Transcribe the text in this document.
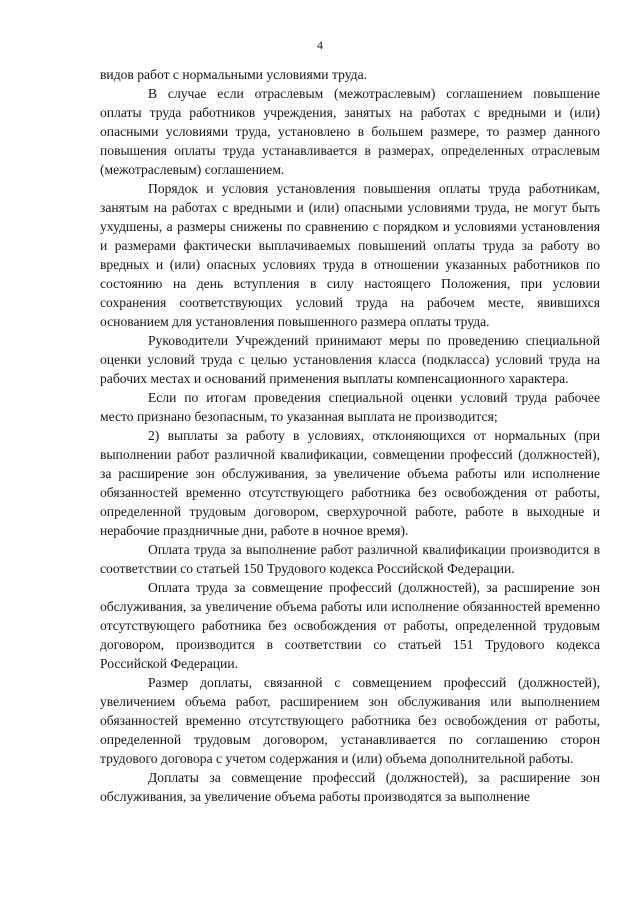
4

видов работ с нормальными условиями труда.

В случае если отраслевым (межотраслевым) соглашением повышение оплаты труда работников учреждения, занятых на работах с вредными и (или) опасными условиями труда, установлено в большем размере, то размер данного повышения оплаты труда устанавливается в размерах, определенных отраслевым (межотраслевым) соглашением.

Порядок и условия установления повышения оплаты труда работникам, занятым на работах с вредными и (или) опасными условиями труда, не могут быть ухудшены, а размеры снижены по сравнению с порядком и условиями установления и размерами фактически выплачиваемых повышений оплаты труда за работу во вредных и (или) опасных условиях труда в отношении указанных работников по состоянию на день вступления в силу настоящего Положения, при условии сохранения соответствующих условий труда на рабочем месте, явившихся основанием для установления повышенного размера оплаты труда.

Руководители Учреждений принимают меры по проведению специальной оценки условий труда с целью установления класса (подкласса) условий труда на рабочих местах и оснований применения выплаты компенсационного характера.

Если по итогам проведения специальной оценки условий труда рабочее место признано безопасным, то указанная выплата не производится;

2) выплаты за работу в условиях, отклоняющихся от нормальных (при выполнении работ различной квалификации, совмещении профессий (должностей), за расширение зон обслуживания, за увеличение объема работы или исполнение обязанностей временно отсутствующего работника без освобождения от работы, определенной трудовым договором, сверхурочной работе, работе в выходные и нерабочие праздничные дни, работе в ночное время).

Оплата труда за выполнение работ различной квалификации производится в соответствии со статьей 150 Трудового кодекса Российской Федерации.

Оплата труда за совмещение профессий (должностей), за расширение зон обслуживания, за увеличение объема работы или исполнение обязанностей временно отсутствующего работника без освобождения от работы, определенной трудовым договором, производится в соответствии со статьей 151 Трудового кодекса Российской Федерации.

Размер доплаты, связанной с совмещением профессий (должностей), увеличением объема работ, расширением зон обслуживания или выполнением обязанностей временно отсутствующего работника без освобождения от работы, определенной трудовым договором, устанавливается по соглашению сторон трудового договора с учетом содержания и (или) объема дополнительной работы.

Доплаты за совмещение профессий (должностей), за расширение зон обслуживания, за увеличение объема работы производятся за выполнение
